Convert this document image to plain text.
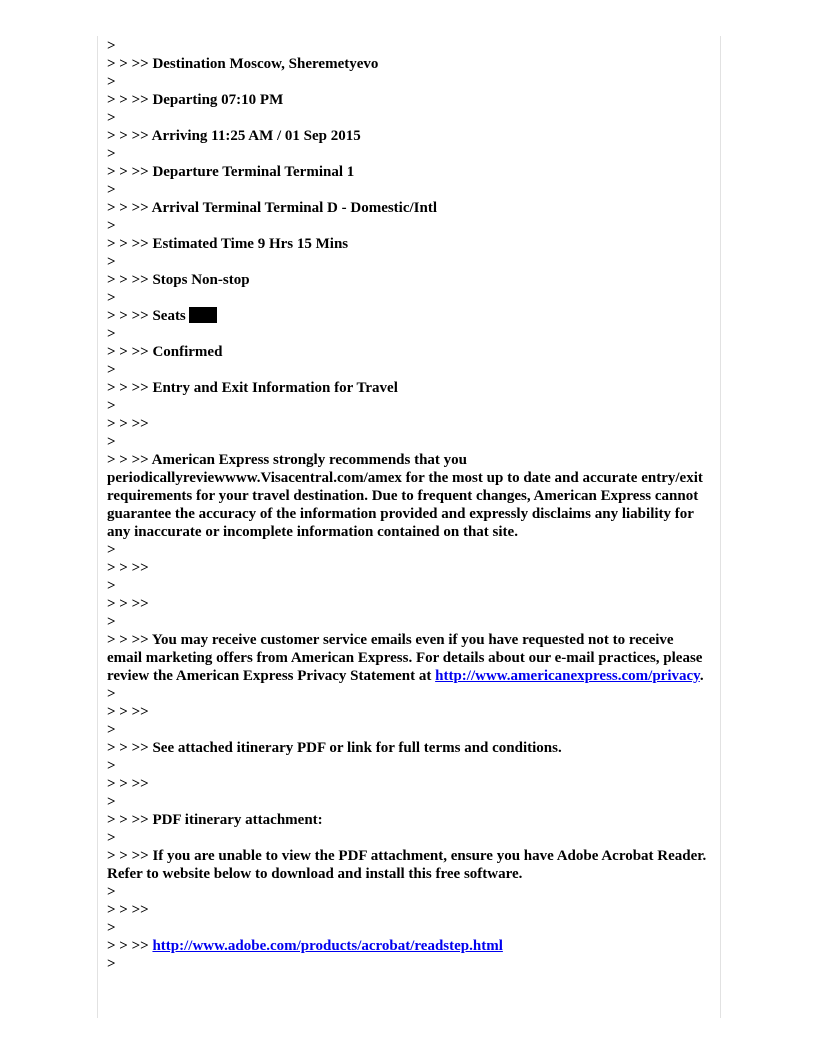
>

> > >> Destination Moscow, Sheremetyevo

>

> > >> Departing 07:10 PM

>

> > >> Arriving 11:25 AM / 01 Sep 2015

>

> > >> Departure Terminal Terminal 1

>

> > >> Arrival Terminal Terminal D - Domestic/Intl

>

> > >> Estimated Time 9 Hrs 15 Mins

>

> > >> Stops Non-stop

>

> > >> Seats

>

> > >> Confirmed

>

> > >> Entry and Exit Information for Travel

>

> > >>

>

> > >> American Express strongly recommends that you periodicallyreviewwww.Visacentral.com/amex for the most up to date and accurate entry/exit requirements for your travel destination. Due to frequent changes, American Express cannot guarantee the accuracy of the information provided and expressly disclaims any liability for any inaccurate or incomplete information contained on that site.

>

> > >>

>

> > >>

>

> > >> You may receive customer service emails even if you have requested not to receive email marketing offers from American Express. For details about our e-mail practices, please review the American Express Privacy Statement at http://www.americanexpress.com/privacy.

>

> > >>

>

> > >> See attached itinerary PDF or link for full terms and conditions.

>

> > >>

>

> > >> PDF itinerary attachment:

>

> > >> If you are unable to view the PDF attachment, ensure you have Adobe Acrobat Reader. Refer to website below to download and install this free software.

>

> > >>

>

> > >> http://www.adobe.com/products/acrobat/readstep.html

>
